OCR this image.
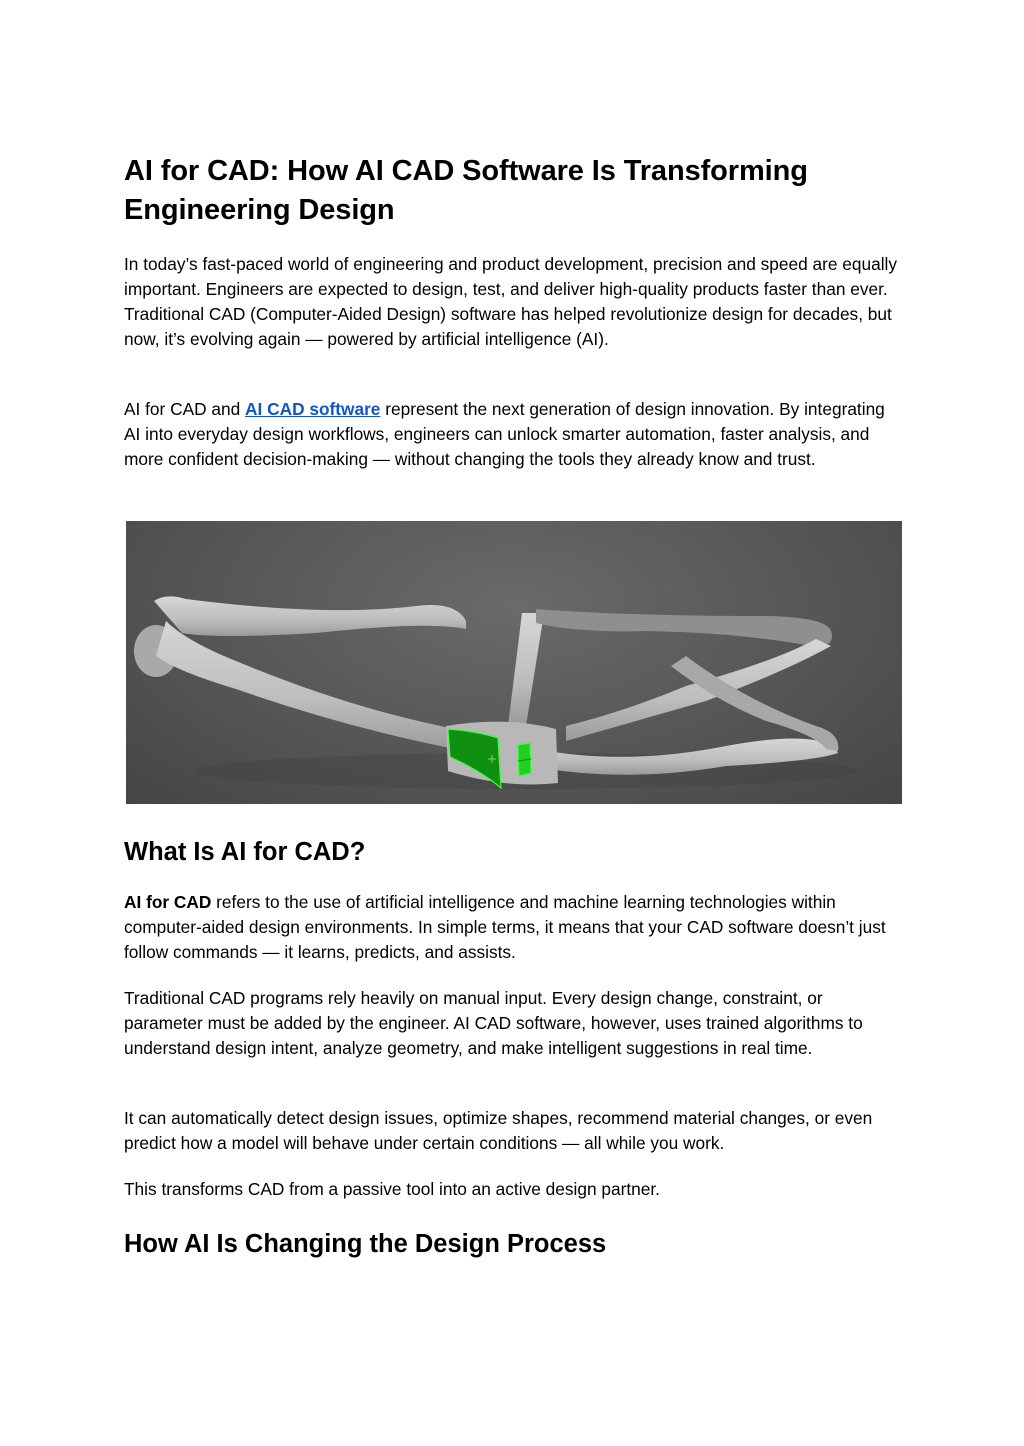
AI for CAD: How AI CAD Software Is Transforming Engineering Design

In today’s fast-paced world of engineering and product development, precision and speed are equally important. Engineers are expected to design, test, and deliver high-quality products faster than ever. Traditional CAD (Computer-Aided Design) software has helped revolutionize design for decades, but now, it’s evolving again — powered by artificial intelligence (AI).

AI for CAD and AI CAD software represent the next generation of design innovation. By integrating AI into everyday design workflows, engineers can unlock smarter automation, faster analysis, and more confident decision-making — without changing the tools they already know and trust.

What Is AI for CAD?

AI for CAD refers to the use of artificial intelligence and machine learning technologies within computer-aided design environments. In simple terms, it means that your CAD software doesn’t just follow commands — it learns, predicts, and assists.

Traditional CAD programs rely heavily on manual input. Every design change, constraint, or parameter must be added by the engineer. AI CAD software, however, uses trained algorithms to understand design intent, analyze geometry, and make intelligent suggestions in real time.

It can automatically detect design issues, optimize shapes, recommend material changes, or even predict how a model will behave under certain conditions — all while you work.

This transforms CAD from a passive tool into an active design partner.

How AI Is Changing the Design Process
